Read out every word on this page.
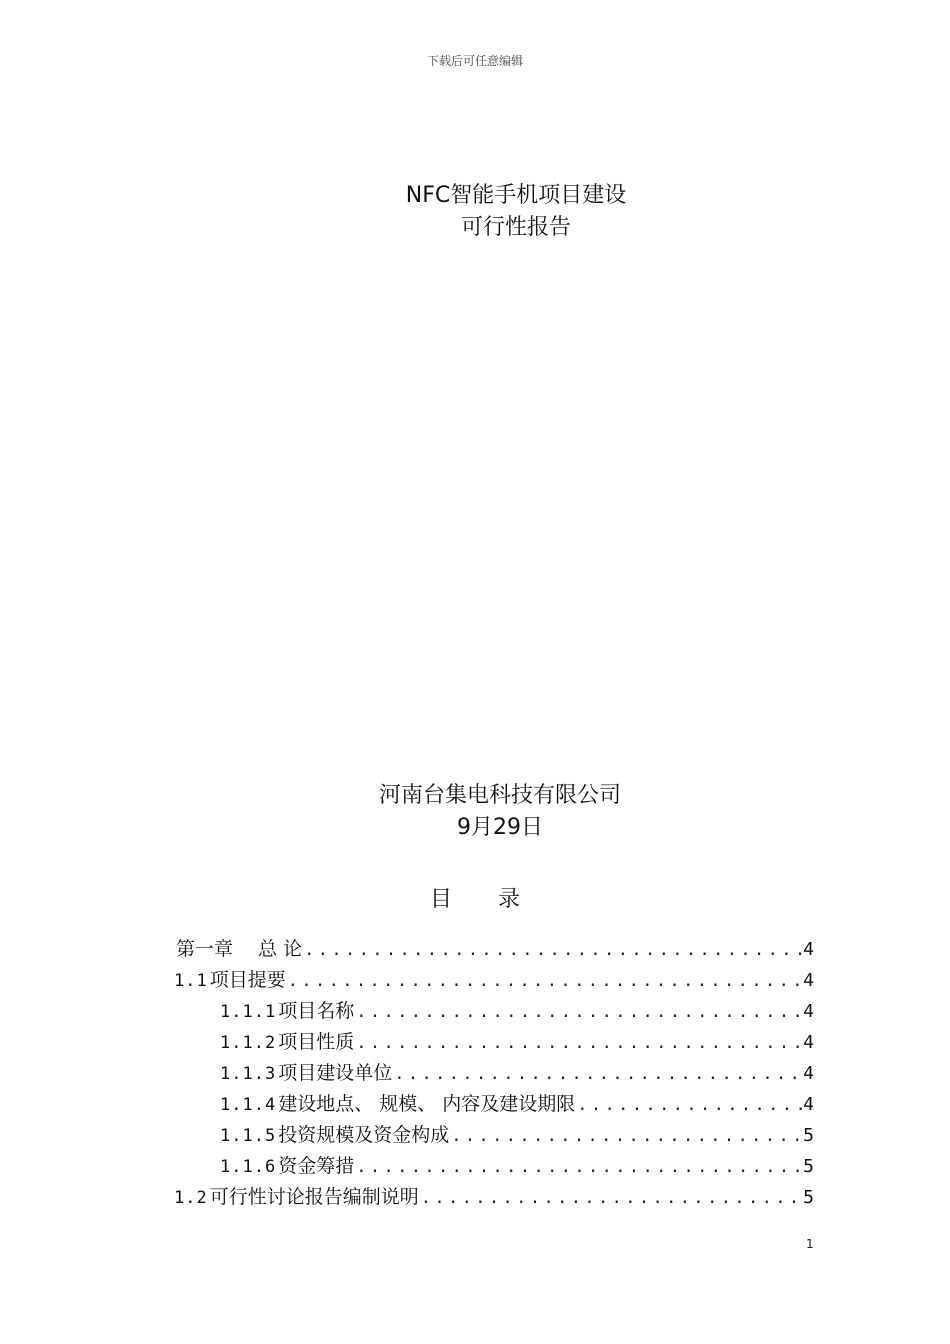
下载后可任意编辑
NFC智能手机项目建设
可行性报告
河南台集电科技有限公司
9月29日
目 录
第一章　 总 论 .....	4
1.1 项目提要 .....	4
1.1.1 项目名称 .....	4
1.1.2 项目性质 .....	4
1.1.3 项目建设单位 .....	4
1.1.4 建设地点、 规模、 内容及建设期限 .....	4
1.1.5 投资规模及资金构成 .....	5
1.1.6 资金筹措 .....	5
1.2 可行性讨论报告编制说明 .....	5
1
